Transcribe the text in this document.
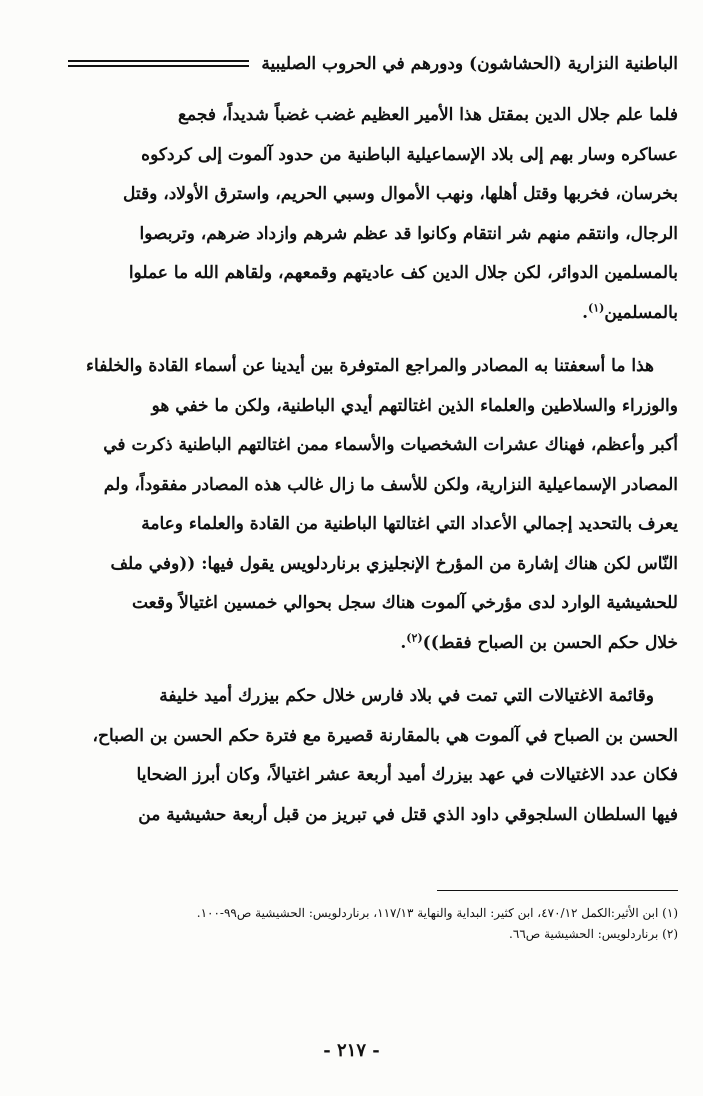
الباطنية النزارية (الحشاشون) ودورهم في الحروب الصليبية

فلما علم جلال الدين بمقتل هذا الأمير العظيم غضب غضباً شديداً، فجمع

عساكره وسار بهم إلى بلاد الإسماعيلية الباطنية من حدود آلموت إلى كردكوه

بخرسان، فخربها وقتل أهلها، ونهب الأموال وسبي الحريم، واسترق الأولاد، وقتل

الرجال، وانتقم منهم شر انتقام وكانوا قد عظم شرهم وازداد ضرهم، وتربصوا

بالمسلمين الدوائر، لكن جلال الدين كف عاديتهم وقمعهم، ولقاهم الله ما عملوا

بالمسلمين$^{(١)}$.

هذا ما أسعفتنا به المصادر والمراجع المتوفرة بين أيدينا عن أسماء القادة والخلفاء

والوزراء والسلاطين والعلماء الذين اغتالتهم أيدي الباطنية، ولكن ما خفي هو

أكبر وأعظم، فهناك عشرات الشخصيات والأسماء ممن اغتالتهم الباطنية ذكرت في

المصادر الإسماعيلية النزارية، ولكن للأسف ما زال غالب هذه المصادر مفقوداً، ولم

يعرف بالتحديد إجمالي الأعداد التي اغتالتها الباطنية من القادة والعلماء وعامة

النّاس لكن هناك إشارة من المؤرخ الإنجليزي برناردلويس يقول فيها: ((وفي ملف

للحشيشية الوارد لدى مؤرخي آلموت هناك سجل بحوالي خمسين اغتيالاً وقعت

خلال حكم الحسن بن الصباح فقط))$^{(٢)}$.

وقائمة الاغتيالات التي تمت في بلاد فارس خلال حكم بيزرك أميد خليفة

الحسن بن الصباح في آلموت هي بالمقارنة قصيرة مع فترة حكم الحسن بن الصباح،

فكان عدد الاغتيالات في عهد بيزرك أميد أربعة عشر اغتيالاً، وكان أبرز الضحايا

فيها السلطان السلجوقي داود الذي قتل في تبريز من قبل أربعة حشيشية من

(١) ابن الأثير:الكمل ٤٧٠/١٢، ابن كثير: البداية والنهاية ١١٧/١٣، برناردلويس: الحشيشية ص٩٩-١٠٠.
(٢) برناردلويس: الحشيشية ص٦٦.
- ٢١٧ -
